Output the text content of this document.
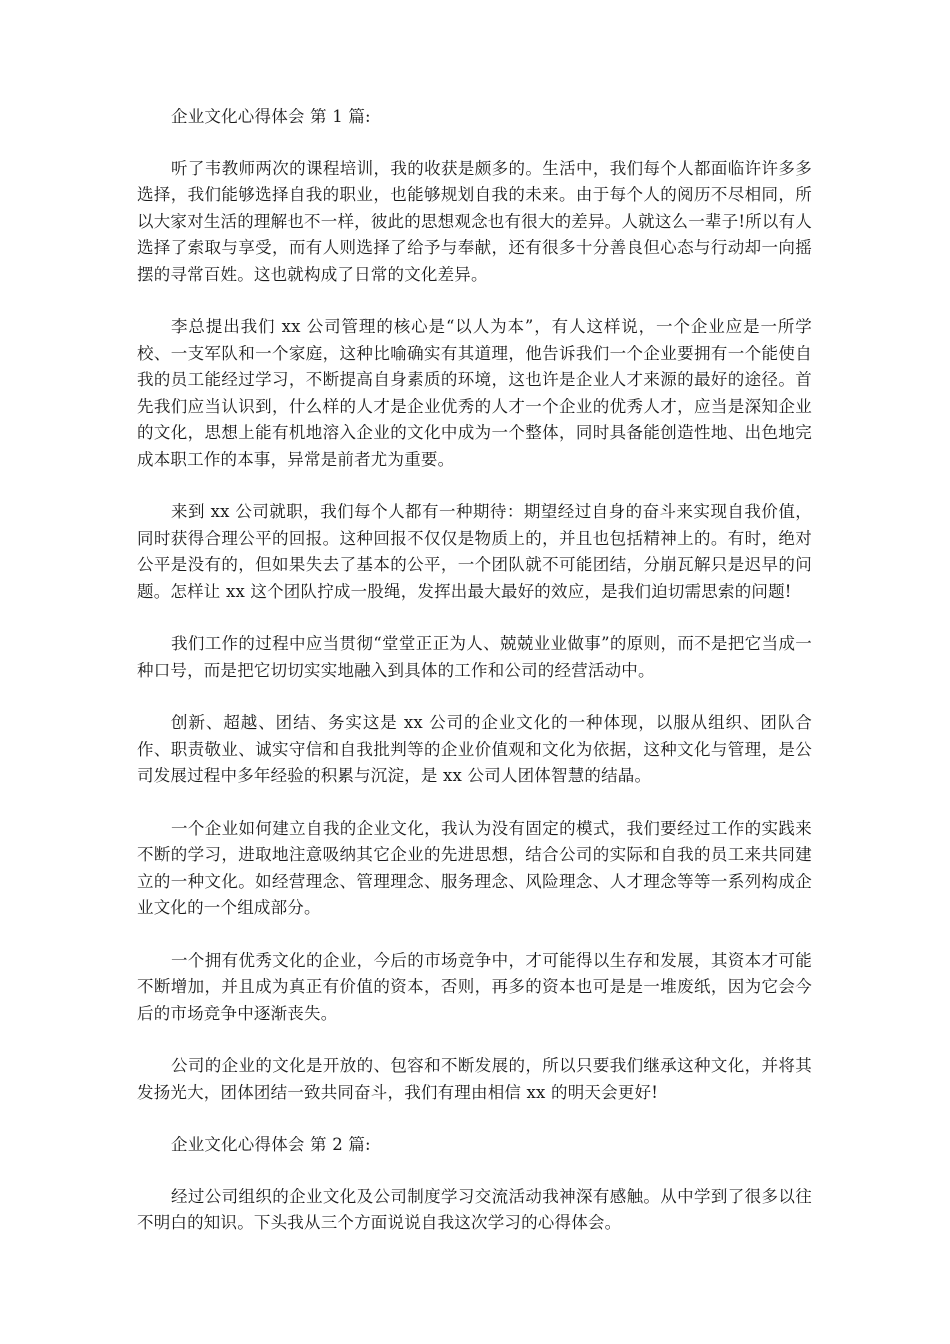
企业文化心得体会 第 1 篇:

听了韦教师两次的课程培训，我的收获是颇多的。生活中，我们每个人都面临许许多多选择，我们能够选择自我的职业，也能够规划自我的未来。由于每个人的阅历不尽相同，所以大家对生活的理解也不一样，彼此的思想观念也有很大的差异。人就这么一辈子!所以有人选择了索取与享受，而有人则选择了给予与奉献，还有很多十分善良但心态与行动却一向摇摆的寻常百姓。这也就构成了日常的文化差异。

李总提出我们 xx 公司管理的核心是“以人为本”，有人这样说，一个企业应是一所学校、一支军队和一个家庭，这种比喻确实有其道理，他告诉我们一个企业要拥有一个能使自我的员工能经过学习，不断提高自身素质的环境，这也许是企业人才来源的最好的途径。首先我们应当认识到，什么样的人才是企业优秀的人才一个企业的优秀人才，应当是深知企业的文化，思想上能有机地溶入企业的文化中成为一个整体，同时具备能创造性地、出色地完成本职工作的本事，异常是前者尤为重要。

来到 xx 公司就职，我们每个人都有一种期待：期望经过自身的奋斗来实现自我价值，同时获得合理公平的回报。这种回报不仅仅是物质上的，并且也包括精神上的。有时，绝对公平是没有的，但如果失去了基本的公平，一个团队就不可能团结，分崩瓦解只是迟早的问题。怎样让 xx 这个团队拧成一股绳，发挥出最大最好的效应，是我们迫切需思索的问题!

我们工作的过程中应当贯彻“堂堂正正为人、兢兢业业做事”的原则，而不是把它当成一种口号，而是把它切切实实地融入到具体的工作和公司的经营活动中。

创新、超越、团结、务实这是 xx 公司的企业文化的一种体现，以服从组织、团队合作、职责敬业、诚实守信和自我批判等的企业价值观和文化为依据，这种文化与管理，是公司发展过程中多年经验的积累与沉淀，是 xx 公司人团体智慧的结晶。

一个企业如何建立自我的企业文化，我认为没有固定的模式，我们要经过工作的实践来不断的学习，进取地注意吸纳其它企业的先进思想，结合公司的实际和自我的员工来共同建立的一种文化。如经营理念、管理理念、服务理念、风险理念、人才理念等等一系列构成企业文化的一个组成部分。

一个拥有优秀文化的企业，今后的市场竞争中，才可能得以生存和发展，其资本才可能不断增加，并且成为真正有价值的资本，否则，再多的资本也可是是一堆废纸，因为它会今后的市场竞争中逐渐丧失。

公司的企业的文化是开放的、包容和不断发展的，所以只要我们继承这种文化，并将其发扬光大，团体团结一致共同奋斗，我们有理由相信 xx 的明天会更好!

企业文化心得体会 第 2 篇:

经过公司组织的企业文化及公司制度学习交流活动我神深有感触。从中学到了很多以往不明白的知识。下头我从三个方面说说自我这次学习的心得体会。
